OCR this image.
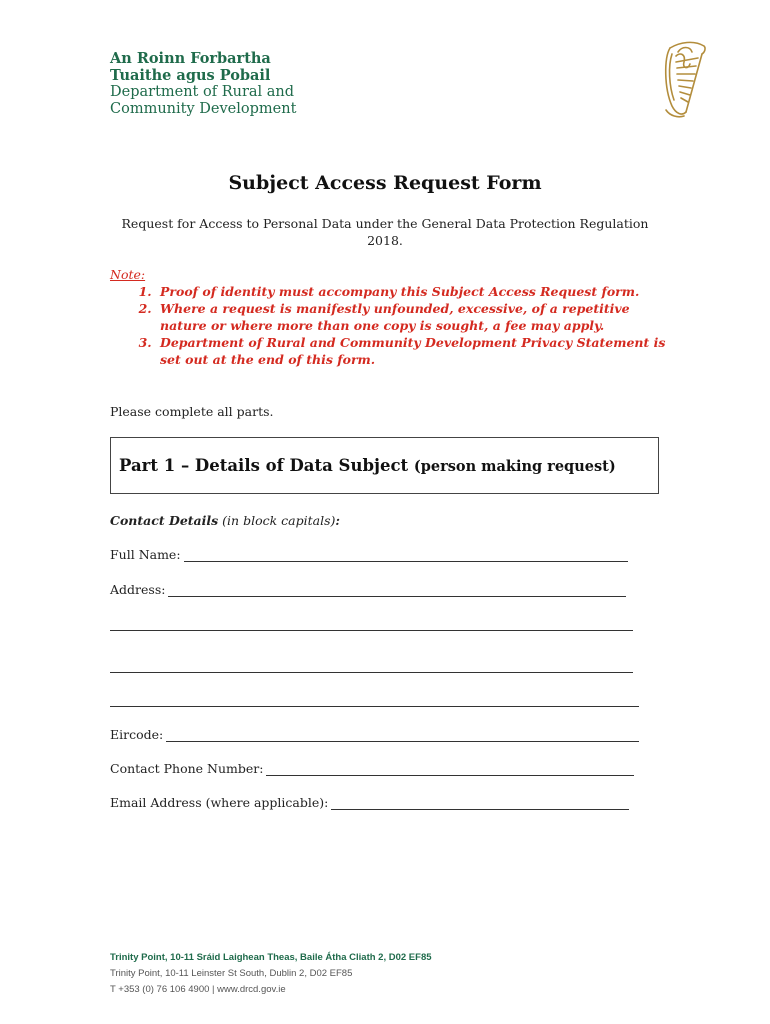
An Roinn Forbartha
Tuaithe agus Pobail
Department of Rural and
Community Development
Subject Access Request Form
Request for Access to Personal Data under the General Data Protection Regulation 2018.
Note:
1. Proof of identity must accompany this Subject Access Request form.
2. Where a request is manifestly unfounded, excessive, of a repetitive nature or where more than one copy is sought, a fee may apply.
3. Department of Rural and Community Development Privacy Statement is set out at the end of this form.
Please complete all parts.
Part 1 – Details of Data Subject (person making request)
Contact Details (in block capitals):
Full Name:
Address:
Eircode:
Contact Phone Number:
Email Address (where applicable):
Trinity Point, 10-11 Sráid Laighean Theas, Baile Átha Cliath 2, D02 EF85
Trinity Point, 10-11 Leinster St South, Dublin 2, D02 EF85
T +353 (0) 76 106 4900 | www.drcd.gov.ie
